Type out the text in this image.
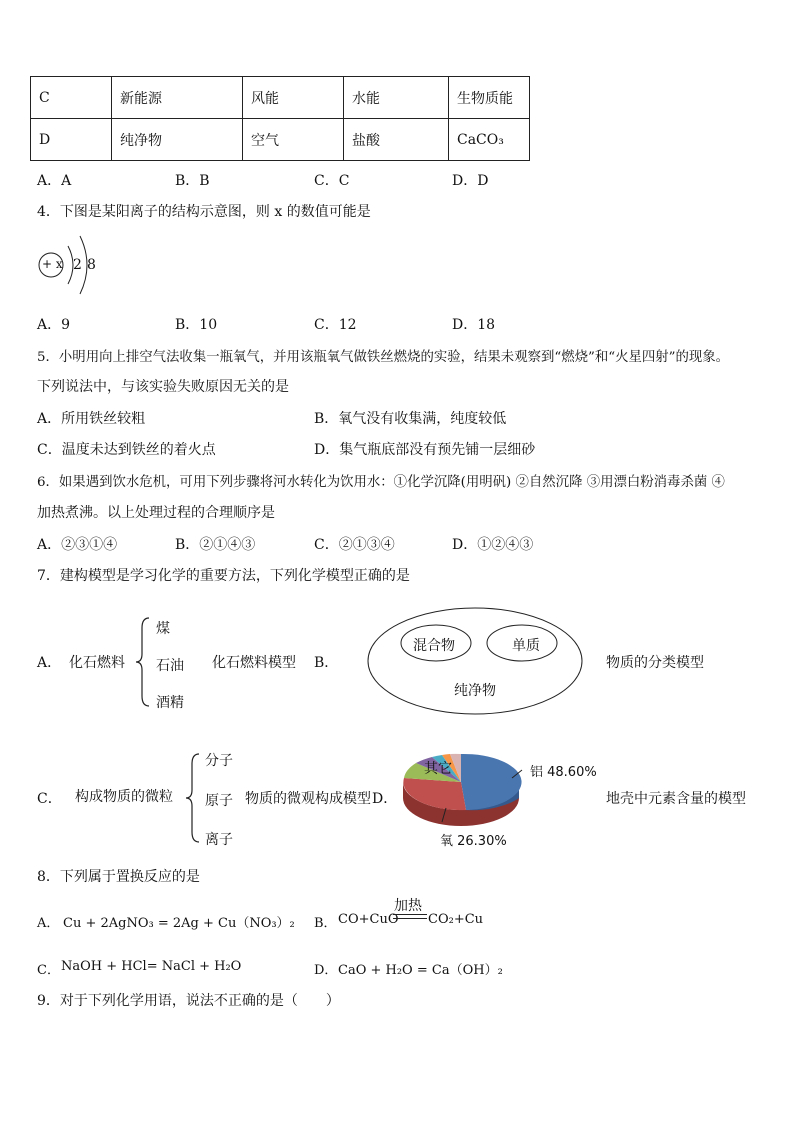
C	新能源	风能	水能	生物质能
D	纯净物	空气	盐酸	CaCO₃
A．A	B．B	C．C	D．D
4．下图是某阳离子的结构示意图，则 x 的数值可能是
+ x 2 8
A．9	B．10	C．12	D．18
5．小明用向上排空气法收集一瓶氧气，并用该瓶氧气做铁丝燃烧的实验，结果未观察到“燃烧”和“火星四射”的现象。
下列说法中，与该实验失败原因无关的是
A．所用铁丝较粗	B．氧气没有收集满，纯度较低
C．温度未达到铁丝的着火点	D．集气瓶底部没有预先铺一层细砂
6．如果遇到饮水危机，可用下列步骤将河水转化为饮用水：①化学沉降(用明矾) ②自然沉降 ③用漂白粉消毒杀菌 ④
加热煮沸。以上处理过程的合理顺序是
A．②③①④	B．②①④③	C．②①③④	D．①②④③
7．建构模型是学习化学的重要方法，下列化学模型正确的是
A． 化石燃料
煤
石油
酒精
化石燃料模型 B．
混合物	单质
纯净物
物质的分类模型
C． 构成物质的微粒
分子
原子
离子
物质的微观构成模型 D．
其它	铝 48.60%
氧 26.30%
地壳中元素含量的模型
8．下列属于置换反应的是
A． Cu + 2AgNO₃ = 2Ag + Cu（NO₃）₂ B． CO+CuO
加热
CO₂+Cu
C． NaOH + HCl= NaCl + H₂O	D． CaO + H₂O = Ca（OH）₂
9．对于下列化学用语，说法不正确的是（　　）
